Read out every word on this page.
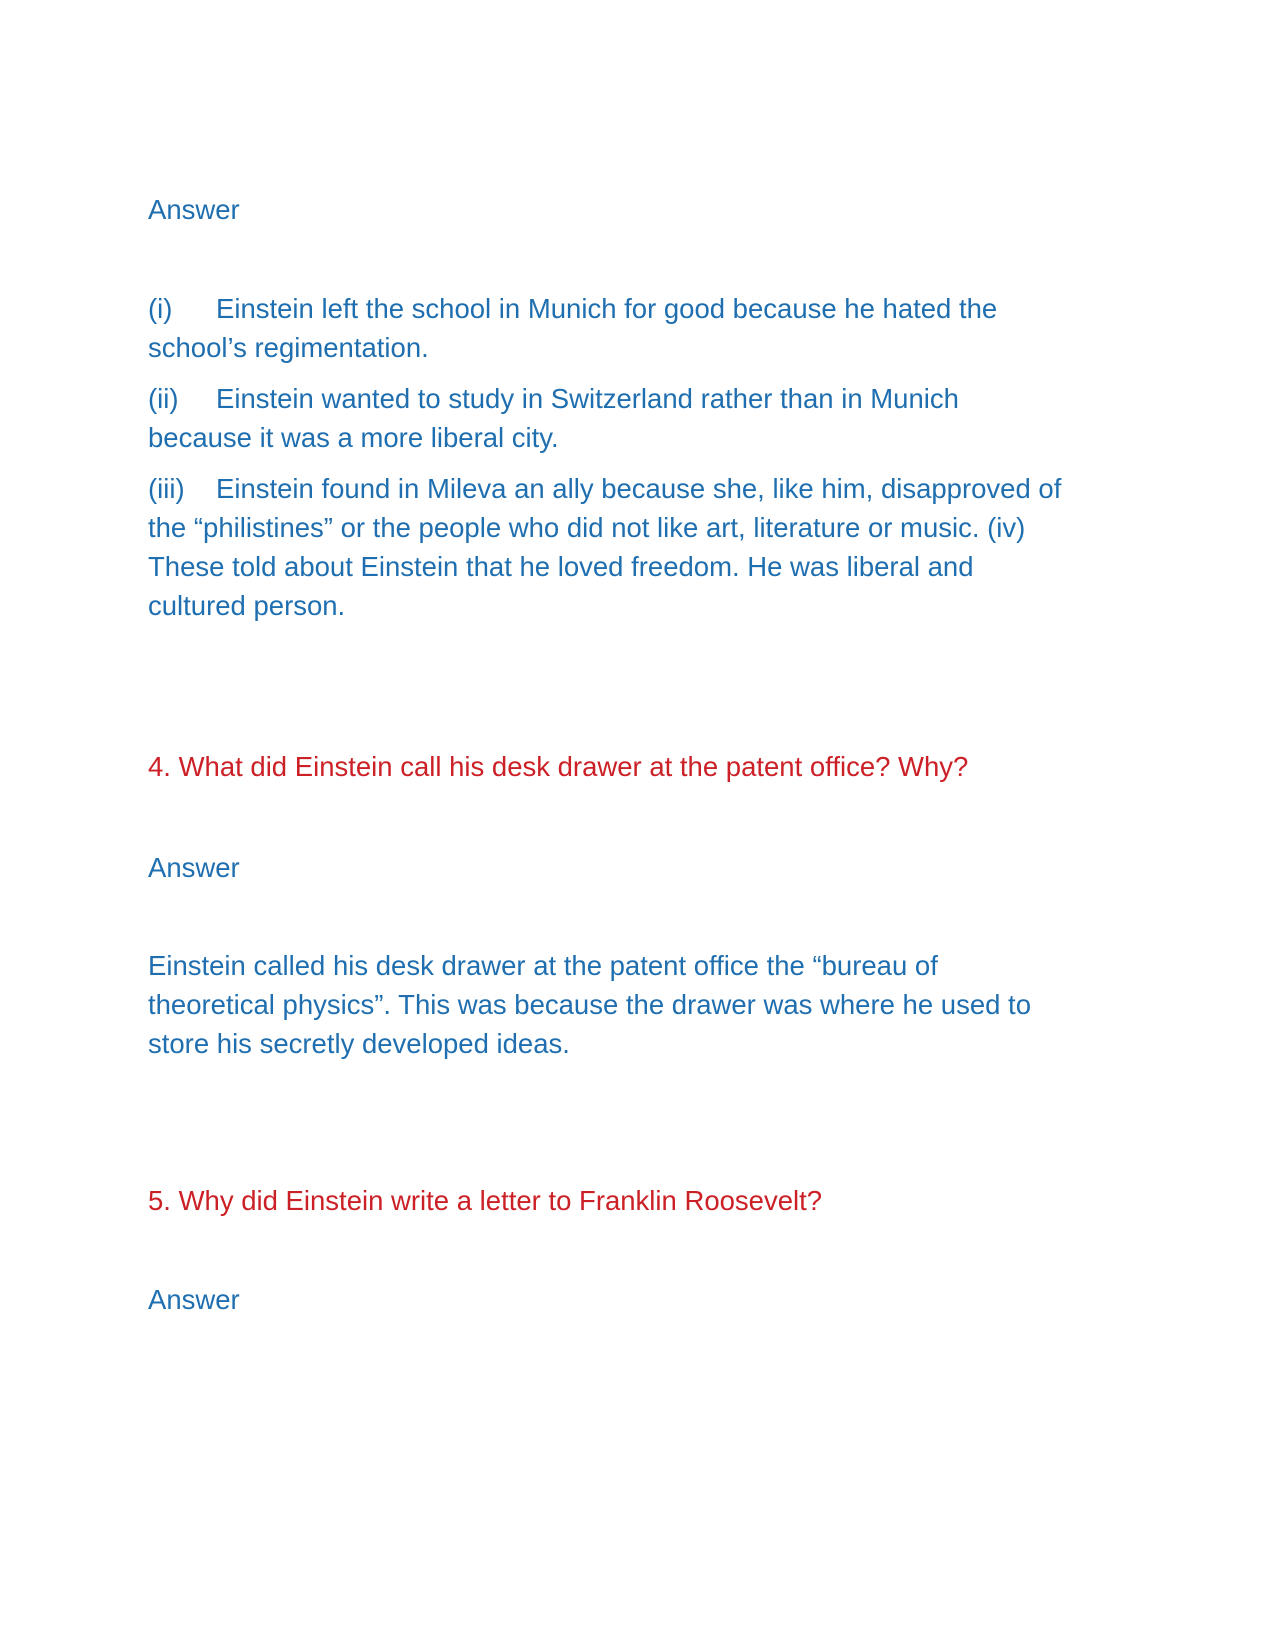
Answer

(i) Einstein left the school in Munich for good because he hated the school’s regimentation.

(ii) Einstein wanted to study in Switzerland rather than in Munich because it was a more liberal city.

(iii) Einstein found in Mileva an ally because she, like him, disapproved of the “philistines” or the people who did not like art, literature or music. (iv) These told about Einstein that he loved freedom. He was liberal and cultured person.

4. What did Einstein call his desk drawer at the patent office? Why?

Answer

Einstein called his desk drawer at the patent office the “bureau of theoretical physics”. This was because the drawer was where he used to store his secretly developed ideas.

5. Why did Einstein write a letter to Franklin Roosevelt?

Answer
